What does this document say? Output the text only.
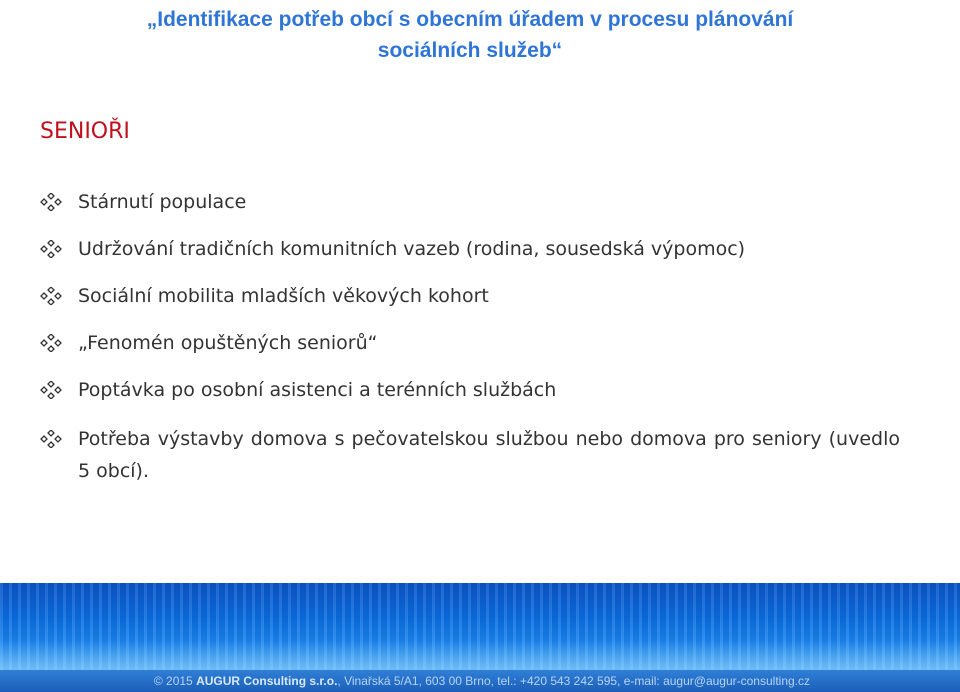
„Identifikace potřeb obcí s obecním úřadem v procesu plánování
sociálních služeb“
SENIOŘI
Stárnutí populace
Udržování tradičních komunitních vazeb (rodina, sousedská výpomoc)
Sociální mobilita mladších věkových kohort
„Fenomén opuštěných seniorů“
Poptávka po osobní asistenci a terénních službách
Potřeba výstavby domova s pečovatelskou službou nebo domova pro seniory (uvedlo 5 obcí).
© 2015 AUGUR Consulting s.r.o., Vinařská 5/A1, 603 00 Brno, tel.: +420 543 242 595, e-mail: augur@augur-consulting.cz
